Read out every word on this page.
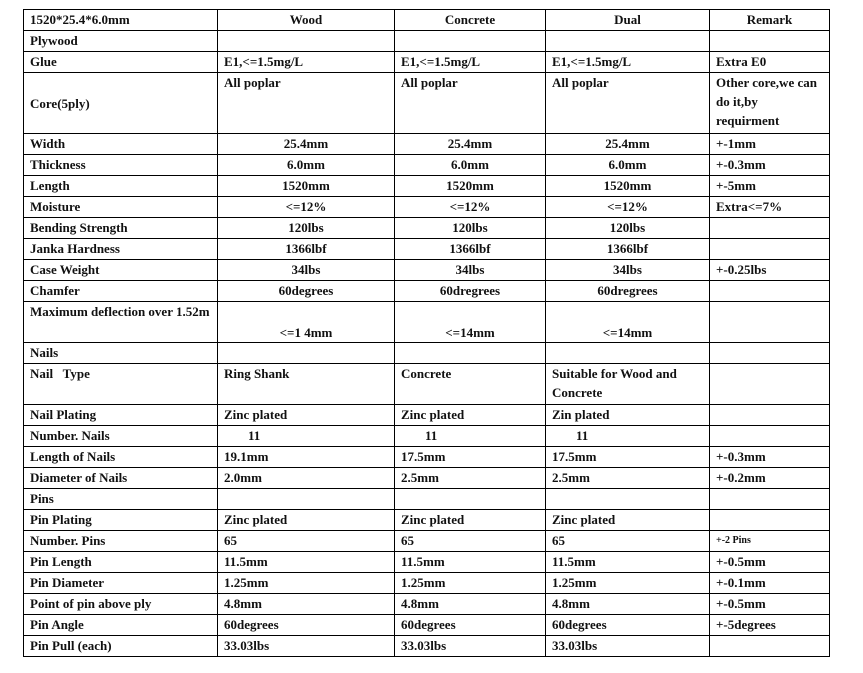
1520*25.4*6.0mm	Wood	Concrete	Dual	Remark
Plywood				
Glue	E1,<=1.5mg/L	E1,<=1.5mg/L	E1,<=1.5mg/L	Extra E0
Core(5ply)	All poplar	All poplar	All poplar	Other core,we can do it,by requirment
Width	25.4mm	25.4mm	25.4mm	+-1mm
Thickness	6.0mm	6.0mm	6.0mm	+-0.3mm
Length	1520mm	1520mm	1520mm	+-5mm
Moisture	<=12%	<=12%	<=12%	Extra<=7%
Bending Strength	120lbs	120lbs	120lbs	
Janka Hardness	1366lbf	1366lbf	1366lbf	
Case Weight	34lbs	34lbs	34lbs	+-0.25lbs
Chamfer	60degrees	60dregrees	60dregrees	
Maximum deflection over 1.52m	<=1 4mm	<=14mm	<=14mm	
Nails				
Nail   Type	Ring Shank	Concrete	Suitable for Wood and Concrete	
Nail Plating	Zinc plated	Zinc plated	Zin plated	
Number. Nails	11	11	11	
Length of Nails	19.1mm	17.5mm	17.5mm	+-0.3mm
Diameter of Nails	2.0mm	2.5mm	2.5mm	+-0.2mm
Pins				
Pin Plating	Zinc plated	Zinc plated	Zinc plated	
Number. Pins	65	65	65	+-2 Pins
Pin Length	11.5mm	11.5mm	11.5mm	+-0.5mm
Pin Diameter	1.25mm	1.25mm	1.25mm	+-0.1mm
Point of pin above ply	4.8mm	4.8mm	4.8mm	+-0.5mm
Pin Angle	60degrees	60degrees	60degrees	+-5degrees
Pin Pull (each)	33.03lbs	33.03lbs	33.03lbs	
